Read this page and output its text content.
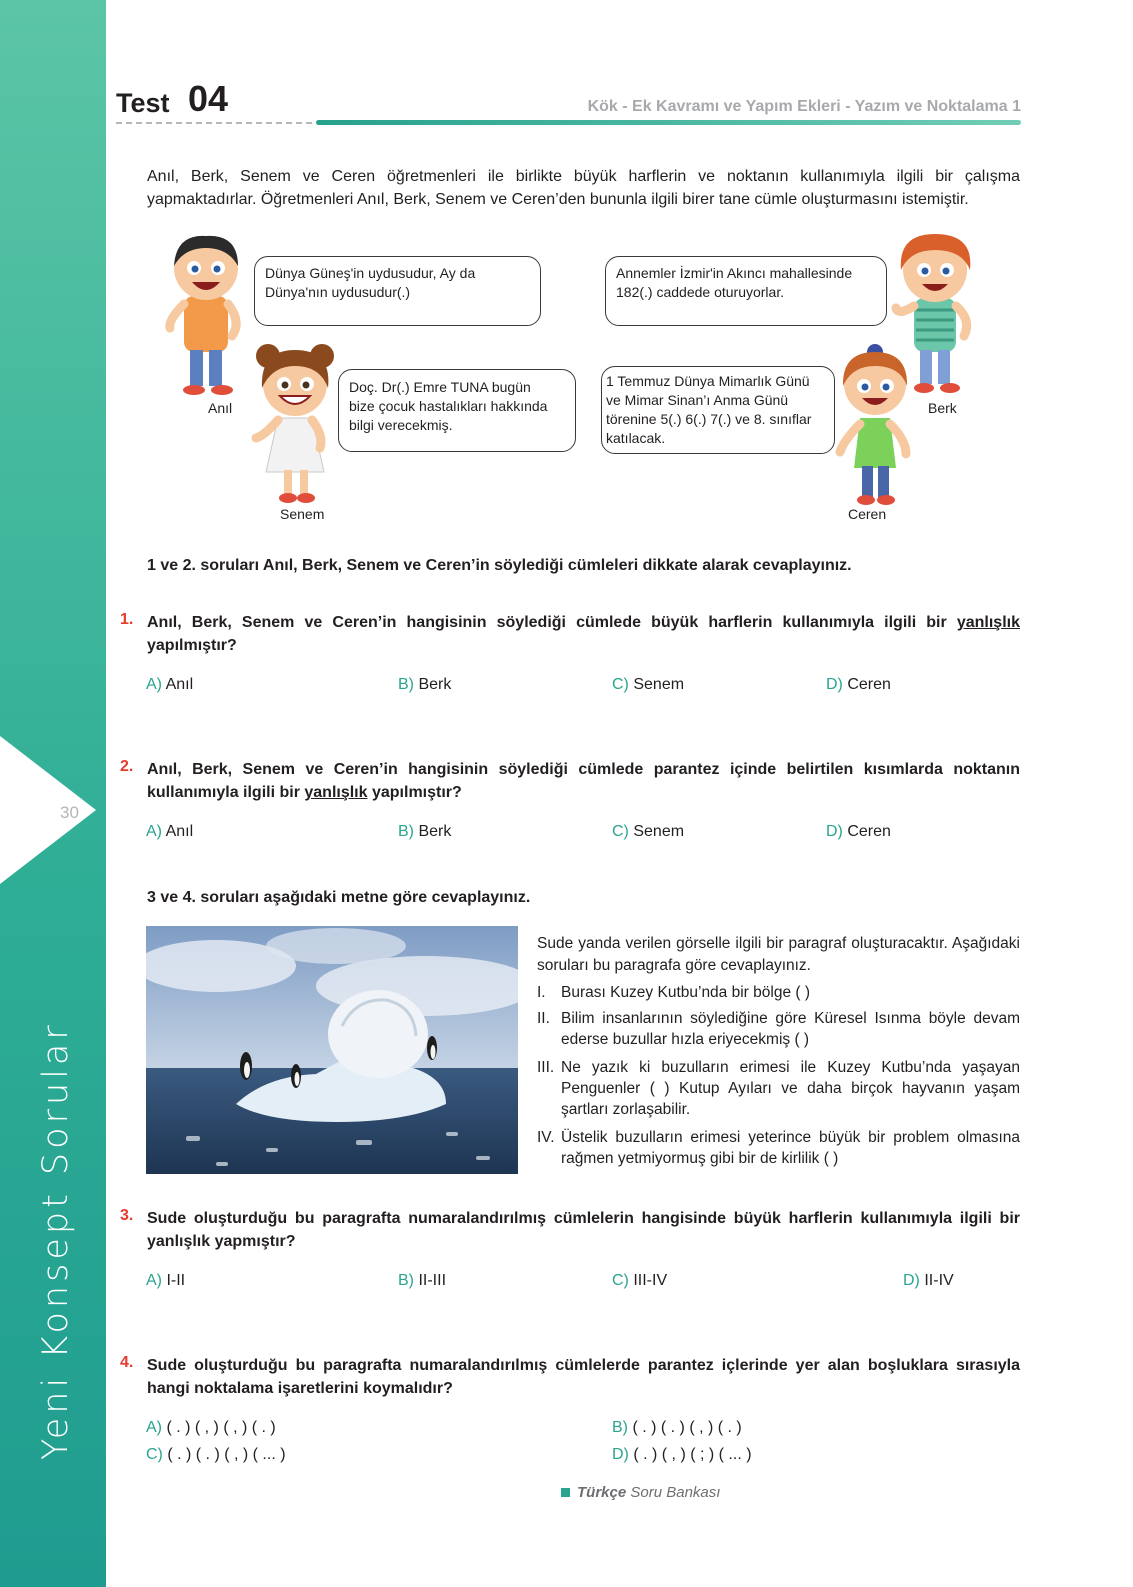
Yeni Konsept Sorular
30
Test 04	Kök - Ek Kavramı ve Yapım Ekleri - Yazım ve Noktalama 1
Anıl, Berk, Senem ve Ceren öğretmenleri ile birlikte büyük harflerin ve noktanın kullanımıyla ilgili bir çalışma yapmaktadırlar. Öğretmenleri Anıl, Berk, Senem ve Ceren’den bununla ilgili birer tane cümle oluşturmasını istemiştir.
Anıl
Dünya Güneş'in uydusudur, Ay da
Dünya'nın uydusudur(.)
Berk
Annemler İzmir'in Akıncı mahallesinde
182(.) caddede oturuyorlar.
Senem
Doç. Dr(.) Emre TUNA bugün
bize çocuk hastalıkları hakkında
bilgi verecekmiş.
Ceren
1 Temmuz Dünya Mimarlık Günü
ve Mimar Sinan’ı Anma Günü
törenine 5(.) 6(.) 7(.) ve 8. sınıflar
katılacak.
1 ve 2. soruları Anıl, Berk, Senem ve Ceren’in söylediği cümleleri dikkate alarak cevaplayınız.
1. Anıl, Berk, Senem ve Ceren’in hangisinin söylediği cümlede büyük harflerin kullanımıyla ilgili bir yanlışlık yapılmıştır?
A) Anıl	B) Berk	C) Senem	D) Ceren
2. Anıl, Berk, Senem ve Ceren’in hangisinin söylediği cümlede parantez içinde belirtilen kısımlarda noktanın kullanımıyla ilgili bir yanlışlık yapılmıştır?
A) Anıl	B) Berk	C) Senem	D) Ceren
3 ve 4. soruları aşağıdaki metne göre cevaplayınız.
Sude yanda verilen görselle ilgili bir paragraf oluşturacaktır. Aşağıdaki soruları bu paragrafa göre cevaplayınız.
I. Burası Kuzey Kutbu’nda bir bölge ( )
II. Bilim insanlarının söylediğine göre Küresel Isınma böyle devam ederse buzullar hızla eriyecekmiş ( )
III. Ne yazık ki buzulların erimesi ile Kuzey Kutbu’nda yaşayan Penguenler ( ) Kutup Ayıları ve daha birçok hayvanın yaşam şartları zorlaşabilir.
IV. Üstelik buzulların erimesi yeterince büyük bir problem olmasına rağmen yetmiyormuş gibi bir de kirlilik ( )
3. Sude oluşturduğu bu paragrafta numaralandırılmış cümlelerin hangisinde büyük harflerin kullanımıyla ilgili bir yanlışlık yapmıştır?
A) I-II	B) II-III	C) III-IV	D) II-IV
4. Sude oluşturduğu bu paragrafta numaralandırılmış cümlelerde parantez içlerinde yer alan boşluklara sırasıyla hangi noktalama işaretlerini koymalıdır?
A) ( . ) ( , ) ( , ) ( . )	B) ( . ) ( . ) ( , ) ( . )
C) ( . ) ( . ) ( , ) ( ... )	D) ( . ) ( , ) ( ; ) ( ... )
Türkçe Soru Bankası
